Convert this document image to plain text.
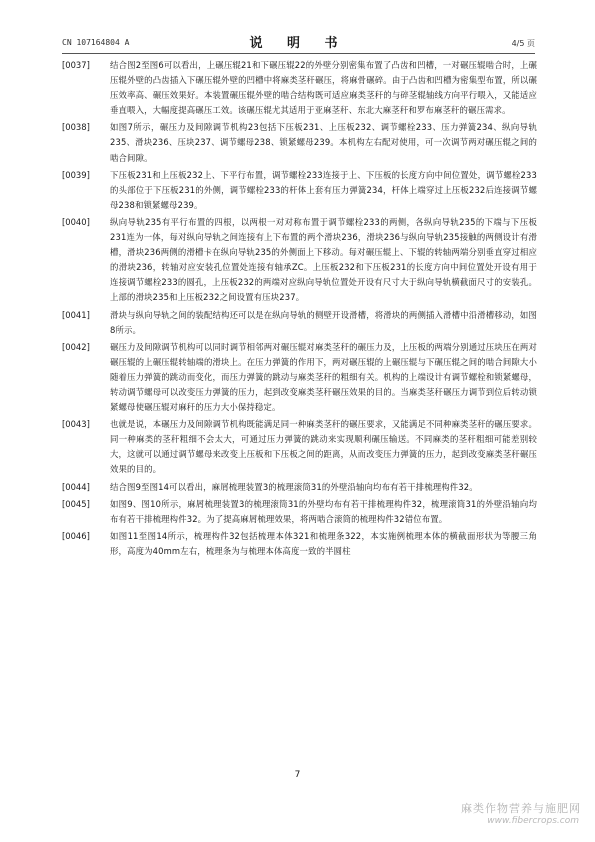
CN 107164804 A	说 明 书	4/5 页
[0037]	结合图2至图6可以看出，上碾压辊21和下碾压辊22的外壁分别密集布置了凸齿和凹槽，一对碾压辊啮合时，上碾压辊外壁的凸齿插入下碾压辊外壁的凹槽中将麻类茎秆碾压，将麻骨碾碎。由于凸齿和凹槽为密集型布置，所以碾压效率高、碾压效果好。本装置碾压辊外壁的啮合结构既可适应麻类茎秆的与碎茎辊轴线方向平行喂入，又能适应垂直喂入，大幅度提高碾压工效。该碾压辊尤其适用于亚麻茎秆、东北大麻茎秆和罗布麻茎秆的碾压需求。
[0038]	如图7所示，碾压力及间隙调节机构23包括下压板231、上压板232、调节螺栓233、压力弹簧234、纵向导轨235、滑块236、压块237、调节螺母238、锁紧螺母239。本机构左右配对使用，可一次调节两对碾压辊之间的啮合间隙。
[0039]	下压板231和上压板232上、下平行布置，调节螺栓233连接于上、下压板的长度方向中间位置处，调节螺栓233的头部位于下压板231的外侧，调节螺栓233的杆体上套有压力弹簧234，杆体上端穿过上压板232后连接调节螺母238和锁紧螺母239。
[0040]	纵向导轨235有平行布置的四根，以两根一对对称布置于调节螺栓233的两侧，各纵向导轨235的下端与下压板231连为一体，每对纵向导轨之间连接有上下布置的两个滑块236，滑块236与纵向导轨235接触的两侧设计有滑槽，滑块236两侧的滑槽卡在纵向导轨235的外侧面上下移动。每对碾压辊上、下辊的转轴两端分别垂直穿过相应的滑块236，转轴对应安装孔位置处连接有轴承ZC。上压板232和下压板231的长度方向中间位置处开设有用于连接调节螺栓233的圆孔，上压板232的两端对应纵向导轨位置处开设有尺寸大于纵向导轨横截面尺寸的安装孔。上部的滑块235和上压板232之间设置有压块237。
[0041]	滑块与纵向导轨之间的装配结构还可以是在纵向导轨的侧壁开设滑槽，将滑块的两侧插入滑槽中沿滑槽移动，如图8所示。
[0042]	碾压力及间隙调节机构可以同时调节相邻两对碾压辊对麻类茎秆的碾压力及，上压板的两端分别通过压块压在两对碾压辊的上碾压辊转轴端的滑块上。在压力弹簧的作用下，两对碾压辊的上碾压辊与下碾压辊之间的啮合间隙大小随着压力弹簧的跳动而变化，而压力弹簧的跳动与麻类茎秆的粗细有关。机构的上端设计有调节螺栓和锁紧螺母，转动调节螺母可以改变压力弹簧的压力，起到改变麻类茎秆碾压效果的目的。当麻类茎秆碾压力调节到位后转动锁紧螺母使碾压辊对麻秆的压力大小保持稳定。
[0043]	也就是说，本碾压力及间隙调节机构既能满足同一种麻类茎秆的碾压要求，又能满足不同种麻类茎秆的碾压要求。同一种麻类的茎秆粗细不会太大，可通过压力弹簧的跳动来实现顺利碾压输送。不同麻类的茎秆粗细可能差别较大，这就可以通过调节螺母来改变上压板和下压板之间的距离，从而改变压力弹簧的压力，起到改变麻类茎秆碾压效果的目的。
[0044]	结合图9至图14可以看出，麻屑梳理装置3的梳理滚筒31的外壁沿轴向均布有若干排梳理构件32。
[0045]	如图9、图10所示，麻屑梳理装置3的梳理滚筒31的外壁均布有若干排梳理构件32，梳理滚筒31的外壁沿轴向均布有若干排梳理构件32。为了提高麻屑梳理效果，将两啮合滚筒的梳理构件32错位布置。
[0046]	如图11至图14所示，梳理构件32包括梳理本体321和梳理条322，本实施例梳理本体的横截面形状为等腰三角形，高度为40mm左右，梳理条为与梳理本体高度一致的半圆柱
7
麻类作物营养与施肥网
www.fibercrops.com
